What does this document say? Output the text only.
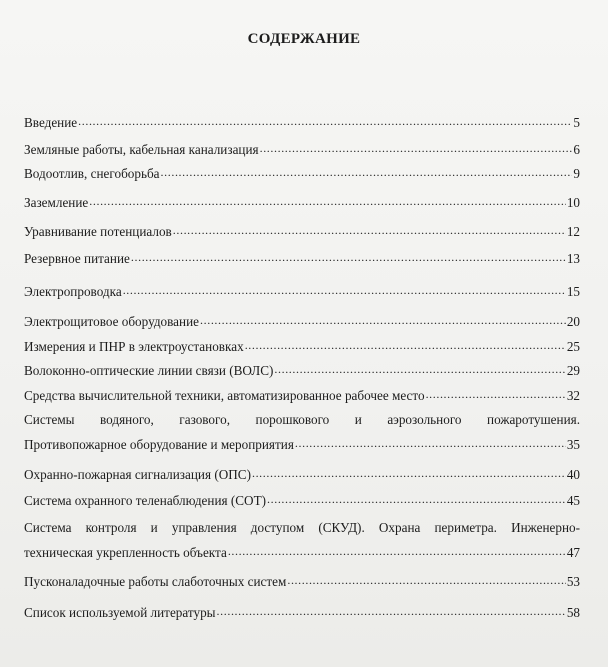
СОДЕРЖАНИЕ
Введение .....	5
Земляные работы, кабельная канализация .....	6
Водоотлив, снегоборьба .....	9
Заземление .....	10
Уравнивание потенциалов .....	12
Резервное питание .....	13
Электропроводка .....	15
Электрощитовое оборудование .....	20
Измерения и ПНР в электроустановках .....	25
Волоконно-оптические линии связи (ВОЛС) .....	29
Средства вычислительной техники, автоматизированное рабочее место .....	32
Системы водяного, газового, порошкового и аэрозольного пожаротушения.
Противопожарное оборудование и мероприятия .....	35
Охранно-пожарная сигнализация (ОПС) .....	40
Система охранного теленаблюдения (СОТ) .....	45
Система контроля и управления доступом (СКУД). Охрана периметра. Инженерно-
техническая укрепленность объекта .....	47
Пусконаладочные работы слаботочных систем .....	53
Список используемой литературы .....	58
